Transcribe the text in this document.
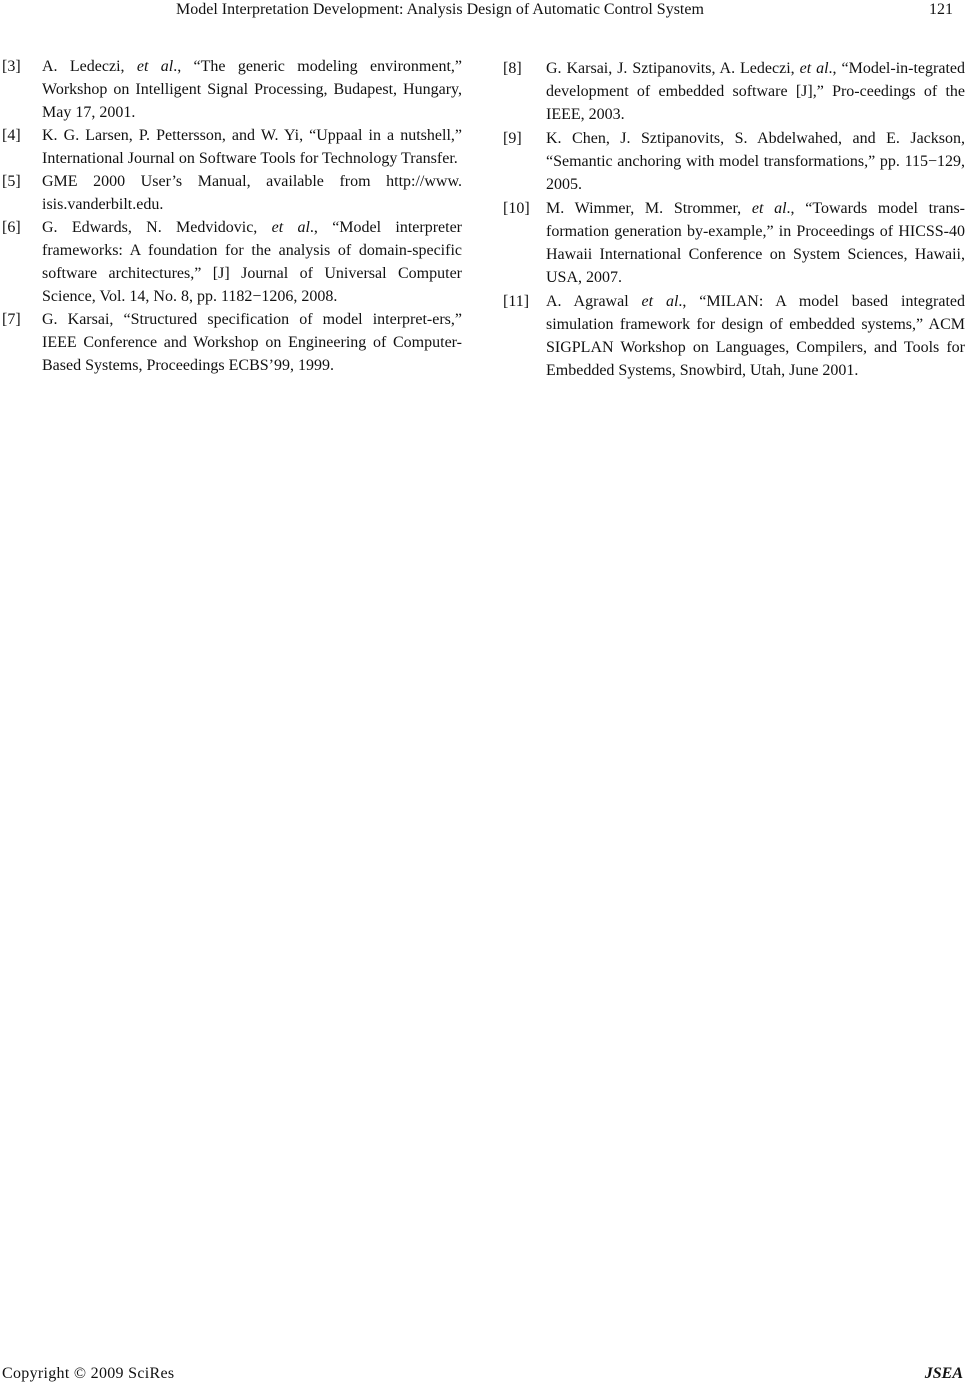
Model Interpretation Development: Analysis Design of Automatic Control System	121
[3]	A. Ledeczi, et al., “The generic modeling environment,” Workshop on Intelligent Signal Processing, Budapest, Hungary, May 17, 2001.
[4]	K. G. Larsen, P. Pettersson, and W. Yi, “Uppaal in a nutshell,” International Journal on Software Tools for Technology Transfer.
[5]	GME 2000 User’s Manual, available from http://www. isis.vanderbilt.edu.
[6]	G. Edwards, N. Medvidovic, et al., “Model interpreter frameworks: A foundation for the analysis of domain-specific software architectures,” [J] Journal of Universal Computer Science, Vol. 14, No. 8, pp. 1182−1206, 2008.
[7]	G. Karsai, “Structured specification of model interpret-ers,” IEEE Conference and Workshop on Engineering of Computer-Based Systems, Proceedings ECBS’99, 1999.
[8]	G. Karsai, J. Sztipanovits, A. Ledeczi, et al., “Model-in-tegrated development of embedded software [J],” Pro-ceedings of the IEEE, 2003.
[9]	K. Chen, J. Sztipanovits, S. Abdelwahed, and E. Jackson, “Semantic anchoring with model transformations,” pp. 115−129, 2005.
[10]	M. Wimmer, M. Strommer, et al., “Towards model trans-formation generation by-example,” in Proceedings of HICSS-40 Hawaii International Conference on System Sciences, Hawaii, USA, 2007.
[11]	A. Agrawal et al., “MILAN: A model based integrated simulation framework for design of embedded systems,” ACM SIGPLAN Workshop on Languages, Compilers, and Tools for Embedded Systems, Snowbird, Utah, June 2001.
Copyright © 2009 SciRes	JSEA
